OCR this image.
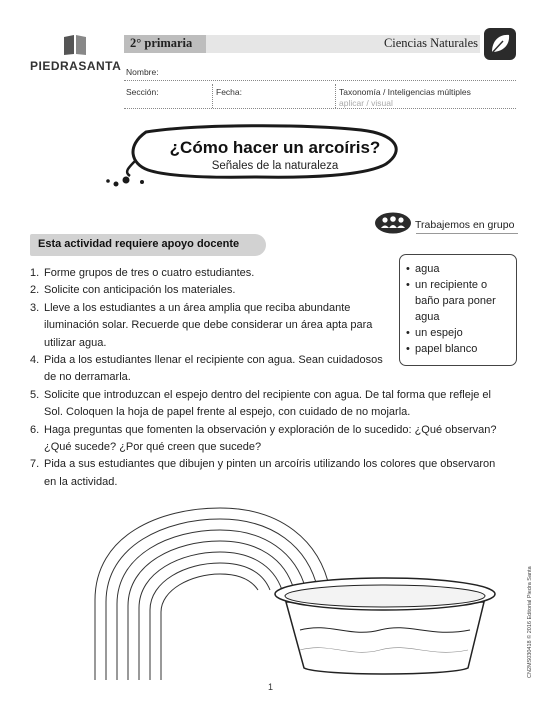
PIEDRASANTA
2° primaria	Ciencias Naturales
Nombre:
Sección:	Fecha:	Taxonomía / Inteligencias múltiples
aplicar / visual
¿Cómo hacer un arcoíris?
Señales de la naturaleza
Trabajemos en grupo
Esta actividad requiere apoyo docente
• agua
• un recipiente o baño para poner agua
• un espejo
• papel blanco
1. Forme grupos de tres o cuatro estudiantes.
2. Solicite con anticipación los materiales.
3. Lleve a los estudiantes a un área amplia que reciba abundante iluminación solar. Recuerde que debe considerar un área apta para utilizar agua.
4. Pida a los estudiantes llenar el recipiente con agua. Sean cuidadosos de no derramarla.
5. Solicite que introduzcan el espejo dentro del recipiente con agua. De tal forma que refleje el Sol. Coloquen la hoja de papel frente al espejo, con cuidado de no mojarla.
6. Haga preguntas que fomenten la observación y exploración de lo sucedido: ¿Qué observan? ¿Qué sucede? ¿Por qué creen que sucede?
7. Pida a sus estudiantes que dibujen y pinten un arcoíris utilizando los colores que observaron en la actividad.
1
CN2MS030418 © 2016 Editorial Piedra Santa
